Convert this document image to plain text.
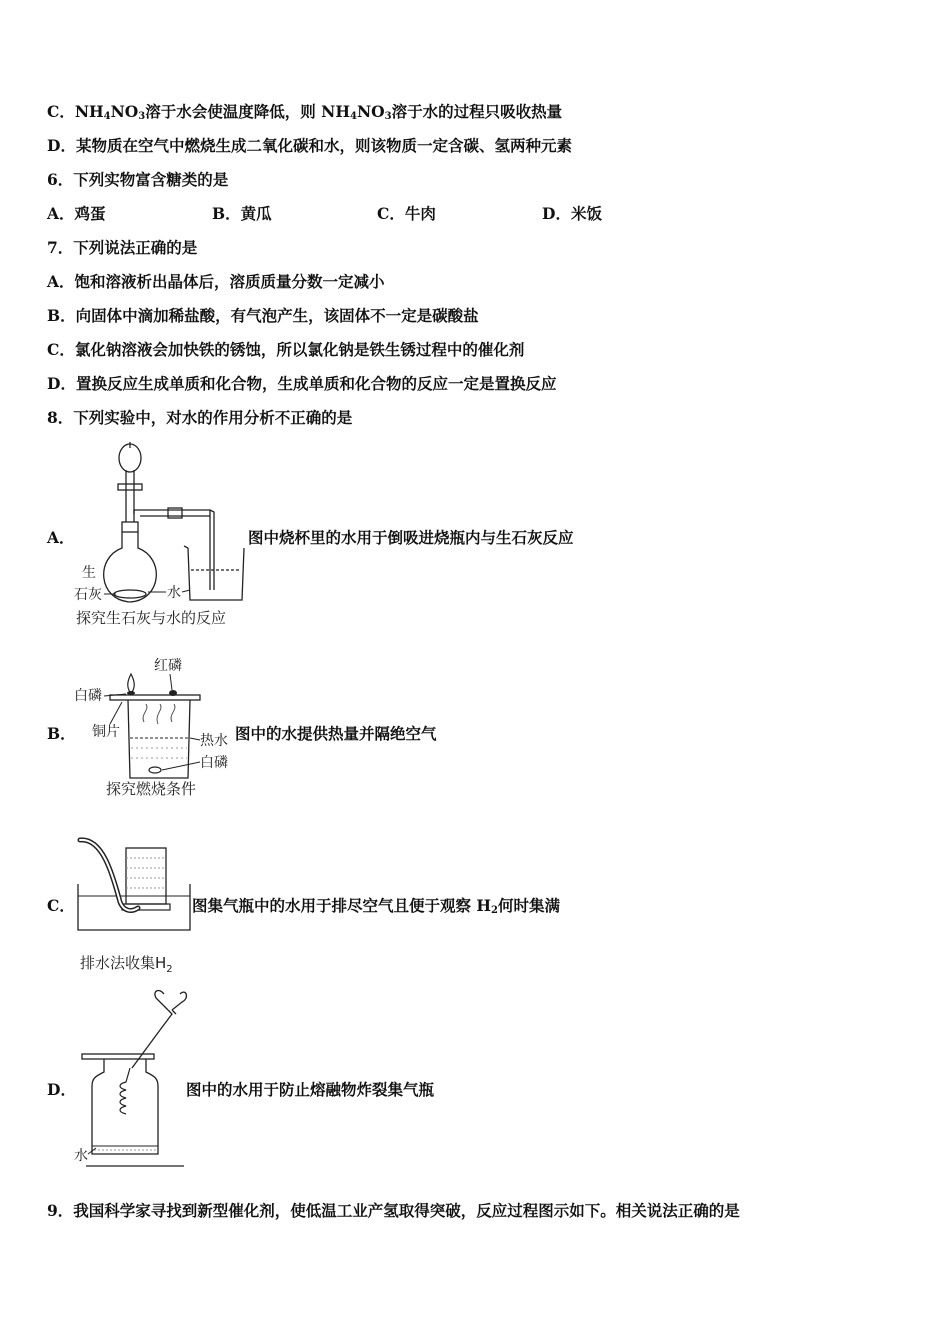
C．$NH_4NO_3$溶于水会使温度降低，则 $NH_4NO_3$溶于水的过程只吸收热量
D．某物质在空气中燃烧生成二氧化碳和水，则该物质一定含碳、氢两种元素
6．下列实物富含糖类的是
A．鸡蛋	B．黄瓜	C．牛肉	D．米饭
7．下列说法正确的是
A．饱和溶液析出晶体后，溶质质量分数一定减小
B．向固体中滴加稀盐酸，有气泡产生，该固体不一定是碳酸盐
C．氯化钠溶液会加快铁的锈蚀，所以氯化钠是铁生锈过程中的催化剂
D．置换反应生成单质和化合物，生成单质和化合物的反应一定是置换反应
8．下列实验中，对水的作用分析不正确的是
A．
生
石灰	水
探究生石灰与水的反应
图中烧杯里的水用于倒吸进烧瓶内与生石灰反应
B．
红磷
白磷
铜片
热水
白磷
探究燃烧条件
图中的水提供热量并隔绝空气
C．
排水法收集$H_2$
图集气瓶中的水用于排尽空气且便于观察 $H_2$何时集满
D．
水
图中的水用于防止熔融物炸裂集气瓶
9．我国科学家寻找到新型催化剂，使低温工业产氢取得突破，反应过程图示如下。相关说法正确的是
